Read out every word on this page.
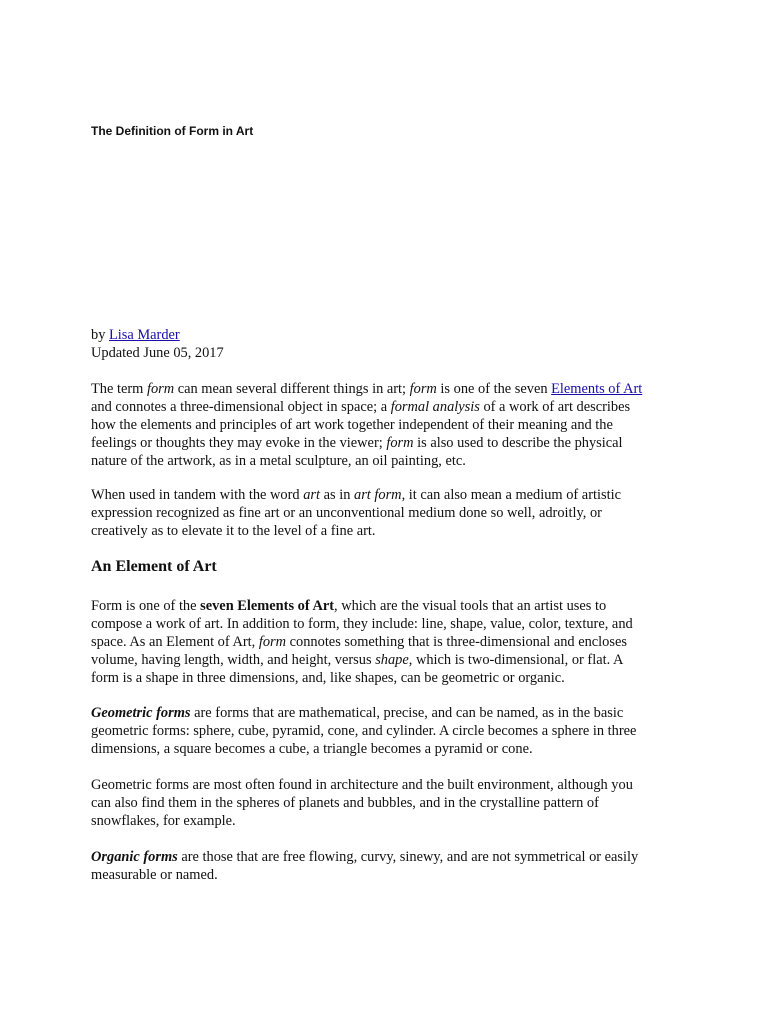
The Definition of Form in Art
by Lisa Marder
Updated June 05, 2017

The term form can mean several different things in art; form is one of the seven Elements of Art

and connotes a three-dimensional object in space; a formal analysis of a work of art describes

how the elements and principles of art work together independent of their meaning and the

feelings or thoughts they may evoke in the viewer; form is also used to describe the physical

nature of the artwork, as in a metal sculpture, an oil painting, etc.

When used in tandem with the word art as in art form, it can also mean a medium of artistic

expression recognized as fine art or an unconventional medium done so well, adroitly, or

creatively as to elevate it to the level of a fine art.

An Element of Art

Form is one of the seven Elements of Art, which are the visual tools that an artist uses to

compose a work of art. In addition to form, they include: line, shape, value, color, texture, and

space. As an Element of Art, form connotes something that is three-dimensional and encloses

volume, having length, width, and height, versus shape, which is two-dimensional, or flat. A

form is a shape in three dimensions, and, like shapes, can be geometric or organic.

Geometric forms are forms that are mathematical, precise, and can be named, as in the basic

geometric forms: sphere, cube, pyramid, cone, and cylinder. A circle becomes a sphere in three

dimensions, a square becomes a cube, a triangle becomes a pyramid or cone.

Geometric forms are most often found in architecture and the built environment, although you

can also find them in the spheres of planets and bubbles, and in the crystalline pattern of

snowflakes, for example.

Organic forms are those that are free flowing, curvy, sinewy, and are not symmetrical or easily

measurable or named.
